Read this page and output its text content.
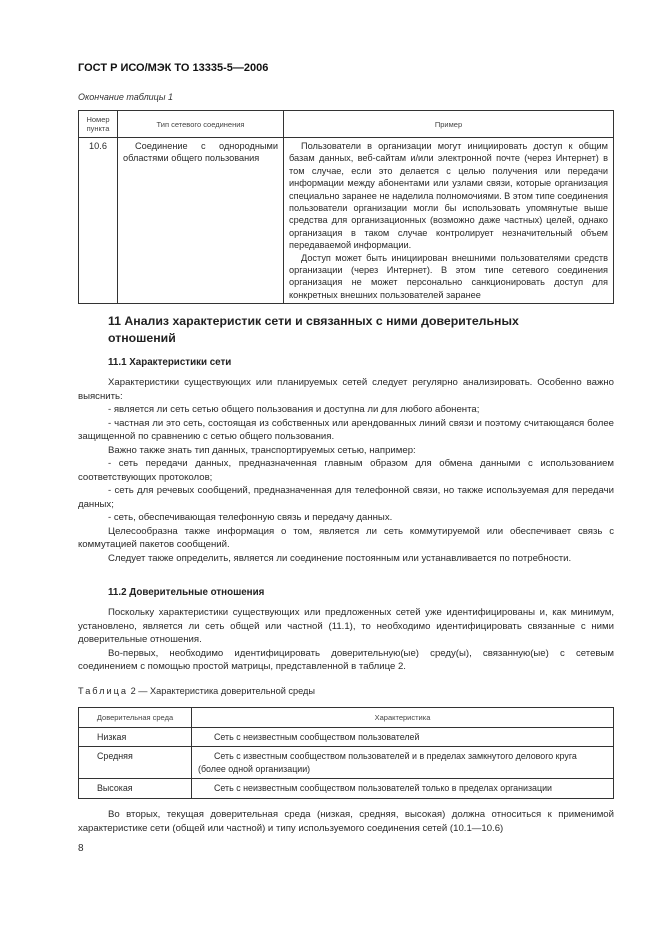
ГОСТ Р ИСО/МЭК ТО 13335-5—2006
Окончание таблицы 1
Номер пункта	Тип сетевого соединения	Пример
10.6	Соединение с однородными областями общего пользования	Пользователи в организации могут инициировать доступ к общим базам данных, веб-сайтам и/или электронной почте (через Интернет) в том случае, если это делается с целью получения или передачи информации между абонентами или узлами связи, которые организация специально заранее не наделила полномочиями. В этом типе соединения пользователи организации могли бы использовать упомянутые выше средства для организационных (возможно даже частных) целей, однако организация в таком случае контролирует незначительный объем передаваемой информации.

Доступ может быть инициирован внешними пользователями средств организации (через Интернет). В этом типе сетевого соединения организация не может персонально санкционировать доступ для конкретных внешних пользователей заранее

11 Анализ характеристик сети и связанных с ними доверительных отношений
11.1 Характеристики сети

Характеристики существующих или планируемых сетей следует регулярно анализировать. Особенно важно выяснить:

- является ли сеть сетью общего пользования и доступна ли для любого абонента;

- частная ли это сеть, состоящая из собственных или арендованных линий связи и поэтому считающаяся более защищенной по сравнению с сетью общего пользования.

Важно также знать тип данных, транспортируемых сетью, например:

- сеть передачи данных, предназначенная главным образом для обмена данными с использованием соответствующих протоколов;

- сеть для речевых сообщений, предназначенная для телефонной связи, но также используемая для передачи данных;

- сеть, обеспечивающая телефонную связь и передачу данных.

Целесообразна также информация о том, является ли сеть коммутируемой или обеспечивает связь с коммутацией пакетов сообщений.

Следует также определить, является ли соединение постоянным или устанавливается по потребности.

11.2 Доверительные отношения

Поскольку характеристики существующих или предложенных сетей уже идентифицированы и, как минимум, установлено, является ли сеть общей или частной (11.1), то необходимо идентифицировать связанные с ними доверительные отношения.

Во-первых, необходимо идентифицировать доверительную(ые) среду(ы), связанную(ые) с сетевым соединением с помощью простой матрицы, представленной в таблице 2.

Таблица 2 — Характеристика доверительной среды
Доверительная среда	Характеристика
Низкая	Сеть с неизвестным сообществом пользователей
Средняя	Сеть с известным сообществом пользователей и в пределах замкнутого делового круга (более одной организации)
Высокая	Сеть с неизвестным сообществом пользователей только в пределах организации

Во вторых, текущая доверительная среда (низкая, средняя, высокая) должна относиться к применимой характеристике сети (общей или частной) и типу используемого соединения сетей (10.1—10.6)

8
